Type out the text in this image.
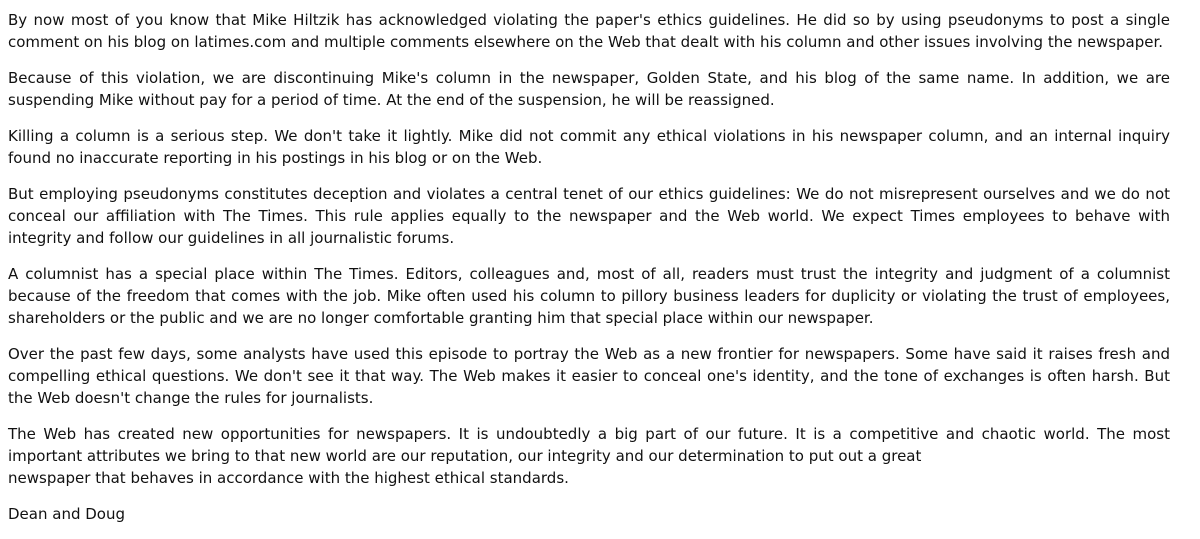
By now most of you know that Mike Hiltzik has acknowledged violating the paper's ethics guidelines. He did so by using pseudonyms to post a single comment on his blog on latimes.com and multiple comments elsewhere on the Web that dealt with his column and other issues involving the newspaper.

Because of this violation, we are discontinuing Mike's column in the newspaper, Golden State, and his blog of the same name. In addition, we are suspending Mike without pay for a period of time. At the end of the suspension, he will be reassigned.

Killing a column is a serious step. We don't take it lightly. Mike did not commit any ethical violations in his newspaper column, and an internal inquiry found no inaccurate reporting in his postings in his blog or on the Web.

But employing pseudonyms constitutes deception and violates a central tenet of our ethics guidelines: We do not misrepresent ourselves and we do not conceal our affiliation with The Times. This rule applies equally to the newspaper and the Web world. We expect Times employees to behave with integrity and follow our guidelines in all journalistic forums.

A columnist has a special place within The Times. Editors, colleagues and, most of all, readers must trust the integrity and judgment of a columnist because of the freedom that comes with the job. Mike often used his column to pillory business leaders for duplicity or violating the trust of employees, shareholders or the public and we are no longer comfortable granting him that special place within our newspaper.

Over the past few days, some analysts have used this episode to portray the Web as a new frontier for newspapers. Some have said it raises fresh and compelling ethical questions. We don't see it that way. The Web makes it easier to conceal one's identity, and the tone of exchanges is often harsh. But the Web doesn't change the rules for journalists.

The Web has created new opportunities for newspapers. It is undoubtedly a big part of our future. It is a competitive and chaotic world. The most important attributes we bring to that new world are our reputation, our integrity and our determination to put out a great
newspaper that behaves in accordance with the highest ethical standards.

Dean and Doug
